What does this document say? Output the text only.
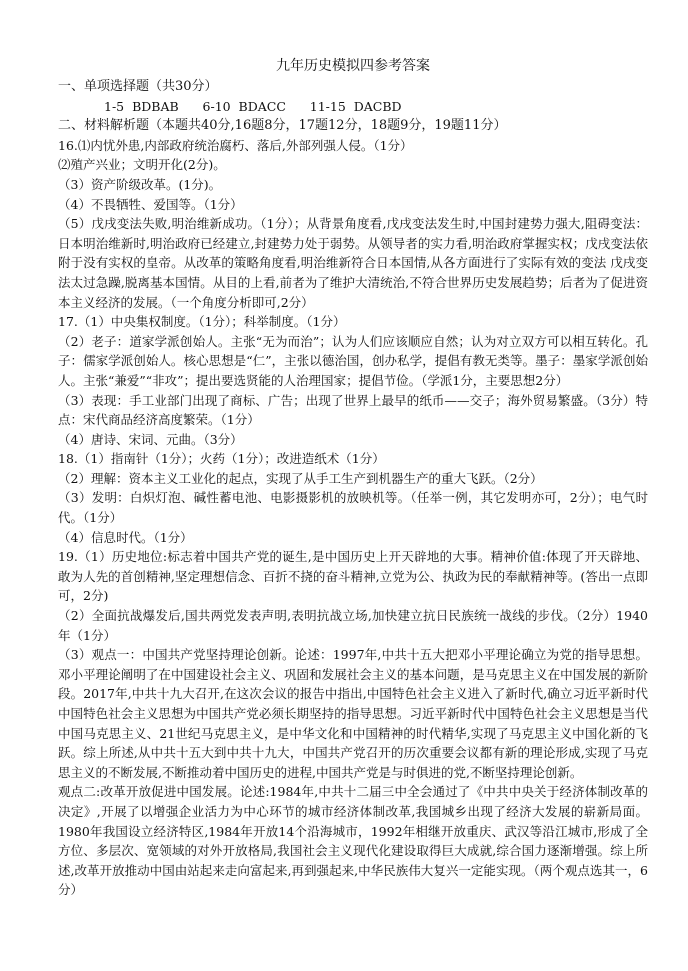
九年历史模拟四参考答案
一、单项选择题（共30分）
1-5  BDBAB      6-10  BDACC      11-15  DACBD
二、材料解析题（本题共40分,16题8分，17题12分，18题9分，19题11分）
16.⑴内忧外患,内部政府统治腐朽、落后,外部列强人侵。（1分）
⑵殖产兴业；文明开化(2分)。
（3）资产阶级改革。(1分)。
（4）不畏牺牲、爱国等。（1分）
（5）戊戌变法失败,明治维新成功。（1分）；从背景角度看,戊戌变法发生时,中国封建势力强大,阻碍变法：日本明治维新时,明治政府已经建立,封建势力处于弱势。从领导者的实力看,明治政府掌握实权；戊戌变法依附于没有实权的皇帝。从改革的策略角度看,明治维新符合日本国情,从各方面进行了实际有效的变法 戊戌变法太过急躁,脱离基本国情。从目的上看,前者为了维护大清统治,不符合世界历史发展趋势；后者为了促进资本主义经济的发展。（一个角度分析即可,2分）
17.（1）中央集权制度。（1分）；科举制度。（1分）
（2）老子：道家学派创始人。主张“无为而治”；认为人们应该顺应自然；认为对立双方可以相互转化。孔子：儒家学派创始人。核心思想是“仁”，主张以德治国，创办私学，提倡有教无类等。墨子：墨家学派创始人。主张“兼爱”“非攻”；提出要选贤能的人治理国家；提倡节俭。（学派1分，主要思想2分）
（3）表现：手工业部门出现了商标、广告；出现了世界上最早的纸币——交子；海外贸易繁盛。（3分）特点：宋代商品经济高度繁荣。（1分）
（4）唐诗、宋词、元曲。（3分）
18.（1）指南针（1分）；火药（1分）；改进造纸术（1分）
（2）理解：资本主义工业化的起点，实现了从手工生产到机器生产的重大飞跃。（2分）
（3）发明：白炽灯泡、碱性蓄电池、电影摄影机的放映机等。（任举一例，其它发明亦可，2分）；电气时代。（1分）
（4）信息时代。（1分）
19.（1）历史地位:标志着中国共产党的诞生,是中国历史上开天辟地的大事。精神价值:体现了开天辟地、敢为人先的首创精神,坚定理想信念、百折不挠的奋斗精神,立党为公、执政为民的奉献精神等。(答出一点即可，2分)
（2）全面抗战爆发后,国共两党发表声明,表明抗战立场,加快建立抗日民族统一战线的步伐。（2分）1940年（1分）
（3）观点一：中国共产党坚持理论创新。论述：1997年,中共十五大把邓小平理论确立为党的指导思想。邓小平理论阐明了在中国建设社会主义、巩固和发展社会主义的基本问题，是马克思主义在中国发展的新阶段。2017年,中共十九大召开,在这次会议的报告中指出,中国特色社会主义进入了新时代,确立习近平新时代中国特色社会主义思想为中国共产党必须长期坚持的指导思想。习近平新时代中国特色社会主义思想是当代中国马克思主义、21世纪马克思主义，是中华文化和中国精神的时代精华,实现了马克思主义中国化新的飞跃。综上所述,从中共十五大到中共十九大，中国共产党召开的历次重要会议都有新的理论形成,实现了马克思主义的不断发展,不断推动着中国历史的进程,中国共产党是与时俱进的党,不断坚持理论创新。
观点二:改革开放促进中国发展。论述:1984年,中共十二届三中全会通过了《中共中央关于经济体制改革的决定》,开展了以增强企业活力为中心环节的城市经济体制改革,我国城乡出现了经济大发展的崭新局面。1980年我国设立经济特区,1984年开放14个沿海城市，1992年相继开放重庆、武汉等沿江城市,形成了全方位、多层次、宽领域的对外开放格局,我国社会主义现代化建设取得巨大成就,综合国力逐渐增强。综上所述,改革开放推动中国由站起来走向富起来,再到强起来,中华民族伟大复兴一定能实现。（两个观点选其一，6分）
